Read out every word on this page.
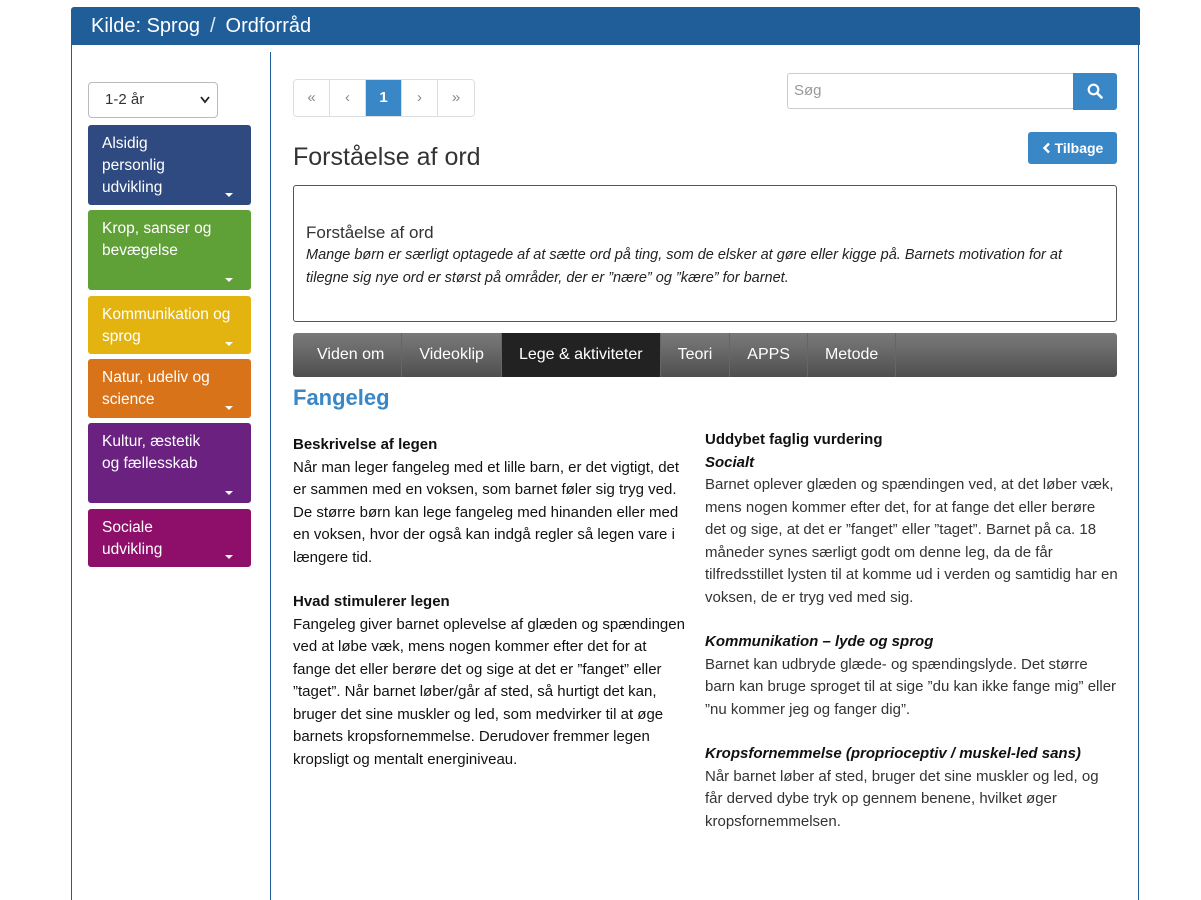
Kilde: Sprog / Ordforråd
1-2 år
Alsidig personlig udvikling
Krop, sanser og bevægelse
Kommunikation og sprog
Natur, udeliv og science
Kultur, æstetik og fællesskab
Sociale udvikling
«	‹	1	›	»	Søg
Tilbage
Forståelse af ord
Forståelse af ord
Mange børn er særligt optagede af at sætte ord på ting, som de elsker at gøre eller kigge på. Barnets motivation for at tilegne sig nye ord er størst på områder, der er ”nære” og ”kære” for barnet.
Viden om	Videoklip	Lege & aktiviteter	Teori	APPS	Metode
Fangeleg
Beskrivelse af legen
Når man leger fangeleg med et lille barn, er det vigtigt, det er sammen med en voksen, som barnet føler sig tryg ved. De større børn kan lege fangeleg med hinanden eller med en voksen, hvor der også kan indgå regler så legen vare i længere tid.
Hvad stimulerer legen
Fangeleg giver barnet oplevelse af glæden og spændingen ved at løbe væk, mens nogen kommer efter det for at fange det eller berøre det og sige at det er ”fanget” eller ”taget”. Når barnet løber/går af sted, så hurtigt det kan, bruger det sine muskler og led, som medvirker til at øge barnets kropsfornemmelse. Derudover fremmer legen kropsligt og mentalt energiniveau.
Uddybet faglig vurdering
Socialt
Barnet oplever glæden og spændingen ved, at det løber væk, mens nogen kommer efter det, for at fange det eller berøre det og sige, at det er ”fanget” eller ”taget”. Barnet på ca. 18 måneder synes særligt godt om denne leg, da de får tilfredsstillet lysten til at komme ud i verden og samtidig har en voksen, de er tryg ved med sig.
Kommunikation – lyde og sprog
Barnet kan udbryde glæde- og spændingslyde. Det større barn kan bruge sproget til at sige ”du kan ikke fange mig” eller ”nu kommer jeg og fanger dig”.
Kropsfornemmelse (proprioceptiv / muskel-led sans)
Når barnet løber af sted, bruger det sine muskler og led, og får derved dybe tryk op gennem benene, hvilket øger kropsfornemmelsen.
